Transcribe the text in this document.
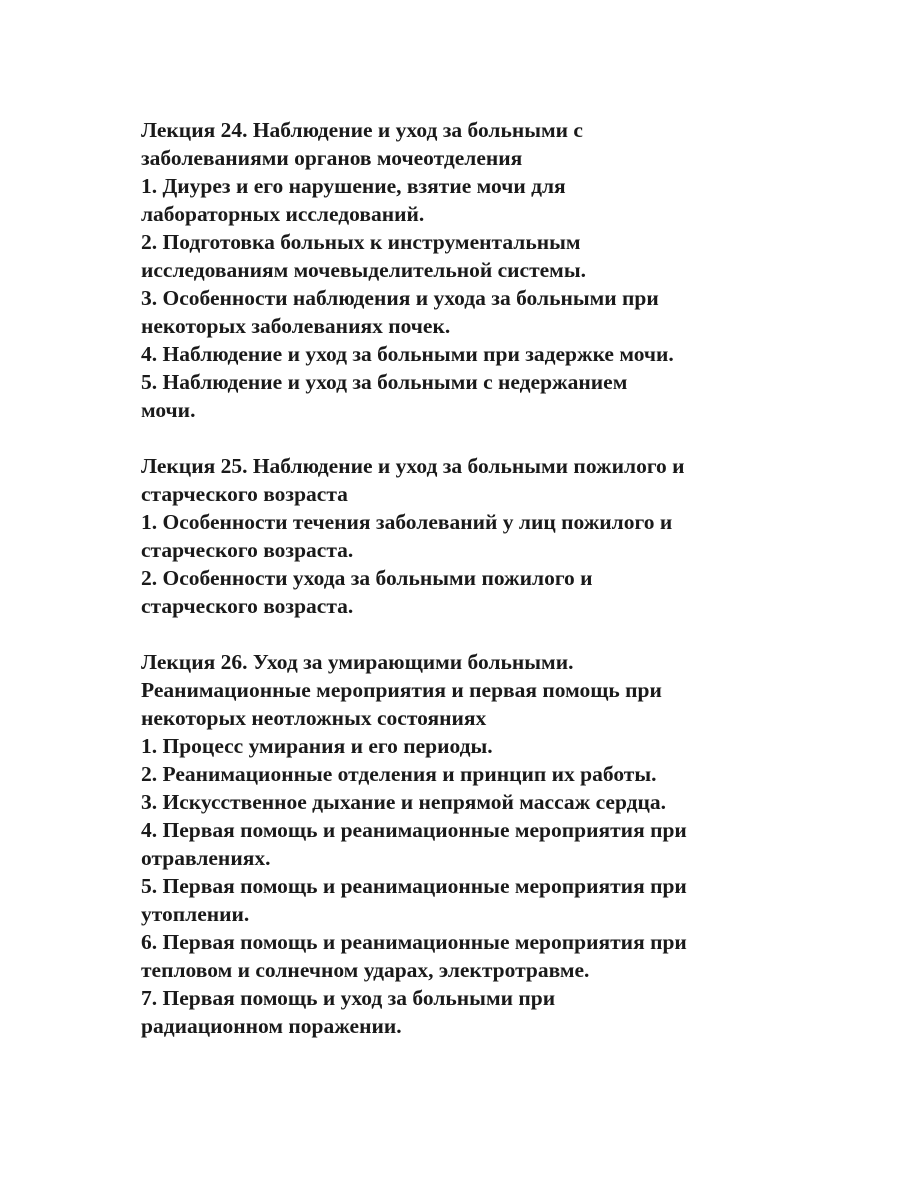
Лекция 24. Наблюдение и уход за больными с
заболеваниями органов мочеотделения
1. Диурез и его нарушение, взятие мочи для
лабораторных исследований.
2. Подготовка больных к инструментальным
исследованиям мочевыделительной системы.
3. Особенности наблюдения и ухода за больными при
некоторых заболеваниях почек.
4. Наблюдение и уход за больными при задержке мочи.
5. Наблюдение и уход за больными с недержанием
мочи.
Лекция 25. Наблюдение и уход за больными пожилого и
старческого возраста
1. Особенности течения заболеваний у лиц пожилого и
старческого возраста.
2. Особенности ухода за больными пожилого и
старческого возраста.
Лекция 26. Уход за умирающими больными.
Реанимационные мероприятия и первая помощь при
некоторых неотложных состояниях
1. Процесс умирания и его периоды.
2. Реанимационные отделения и принцип их работы.
3. Искусственное дыхание и непрямой массаж сердца.
4. Первая помощь и реанимационные мероприятия при
отравлениях.
5. Первая помощь и реанимационные мероприятия при
утоплении.
6. Первая помощь и реанимационные мероприятия при
тепловом и солнечном ударах, электротравме.
7. Первая помощь и уход за больными при
радиационном поражении.
